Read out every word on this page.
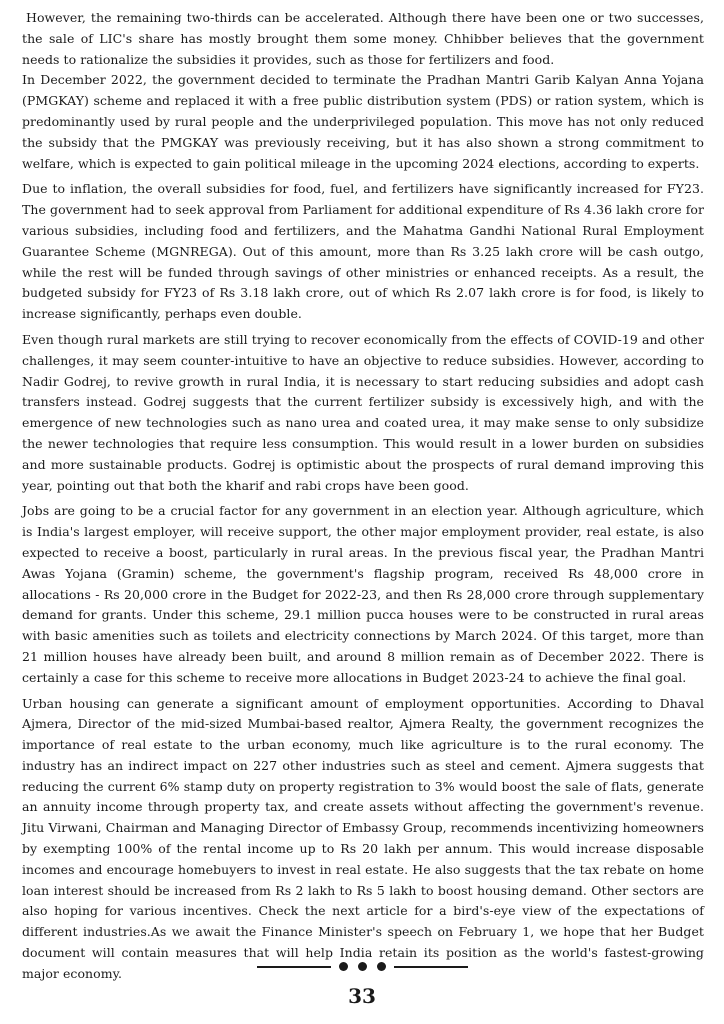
However, the remaining two-thirds can be accelerated. Although there have been one or two successes, the sale of LIC's share has mostly brought them some money. Chhibber believes that the government needs to rationalize the subsidies it provides, such as those for fertilizers and food.

In December 2022, the government decided to terminate the Pradhan Mantri Garib Kalyan Anna Yojana (PMGKAY) scheme and replaced it with a free public distribution system (PDS) or ration system, which is predominantly used by rural people and the underprivileged population. This move has not only reduced the subsidy that the PMGKAY was previously receiving, but it has also shown a strong commitment to welfare, which is expected to gain political mileage in the upcoming 2024 elections, according to experts.

Due to inflation, the overall subsidies for food, fuel, and fertilizers have significantly increased for FY23. The government had to seek approval from Parliament for additional expenditure of Rs 4.36 lakh crore for various subsidies, including food and fertilizers, and the Mahatma Gandhi National Rural Employment Guarantee Scheme (MGNREGA). Out of this amount, more than Rs 3.25 lakh crore will be cash outgo, while the rest will be funded through savings of other ministries or enhanced receipts. As a result, the budgeted subsidy for FY23 of Rs 3.18 lakh crore, out of which Rs 2.07 lakh crore is for food, is likely to increase significantly, perhaps even double.

Even though rural markets are still trying to recover economically from the effects of COVID-19 and other challenges, it may seem counter-intuitive to have an objective to reduce subsidies. However, according to Nadir Godrej, to revive growth in rural India, it is necessary to start reducing subsidies and adopt cash transfers instead. Godrej suggests that the current fertilizer subsidy is excessively high, and with the emergence of new technologies such as nano urea and coated urea, it may make sense to only subsidize the newer technologies that require less consumption. This would result in a lower burden on subsidies and more sustainable products. Godrej is optimistic about the prospects of rural demand improving this year, pointing out that both the kharif and rabi crops have been good.

Jobs are going to be a crucial factor for any government in an election year. Although agriculture, which is India's largest employer, will receive support, the other major employment provider, real estate, is also expected to receive a boost, particularly in rural areas. In the previous fiscal year, the Pradhan Mantri Awas Yojana (Gramin) scheme, the government's flagship program, received Rs 48,000 crore in allocations - Rs 20,000 crore in the Budget for 2022-23, and then Rs 28,000 crore through supplementary demand for grants. Under this scheme, 29.1 million pucca houses were to be constructed in rural areas with basic amenities such as toilets and electricity connections by March 2024. Of this target, more than 21 million houses have already been built, and around 8 million remain as of December 2022. There is certainly a case for this scheme to receive more allocations in Budget 2023-24 to achieve the final goal.

Urban housing can generate a significant amount of employment opportunities. According to Dhaval Ajmera, Director of the mid-sized Mumbai-based realtor, Ajmera Realty, the government recognizes the importance of real estate to the urban economy, much like agriculture is to the rural economy. The industry has an indirect impact on 227 other industries such as steel and cement. Ajmera suggests that reducing the current 6% stamp duty on property registration to 3% would boost the sale of flats, generate an annuity income through property tax, and create assets without affecting the government's revenue. Jitu Virwani, Chairman and Managing Director of Embassy Group, recommends incentivizing homeowners by exempting 100% of the rental income up to Rs 20 lakh per annum. This would increase disposable incomes and encourage homebuyers to invest in real estate. He also suggests that the tax rebate on home loan interest should be increased from Rs 2 lakh to Rs 5 lakh to boost housing demand. Other sectors are also hoping for various incentives. Check the next article for a bird's-eye view of the expectations of different industries.As we await the Finance Minister's speech on February 1, we hope that her Budget document will contain measures that will help India retain its position as the world's fastest-growing major economy.

33
